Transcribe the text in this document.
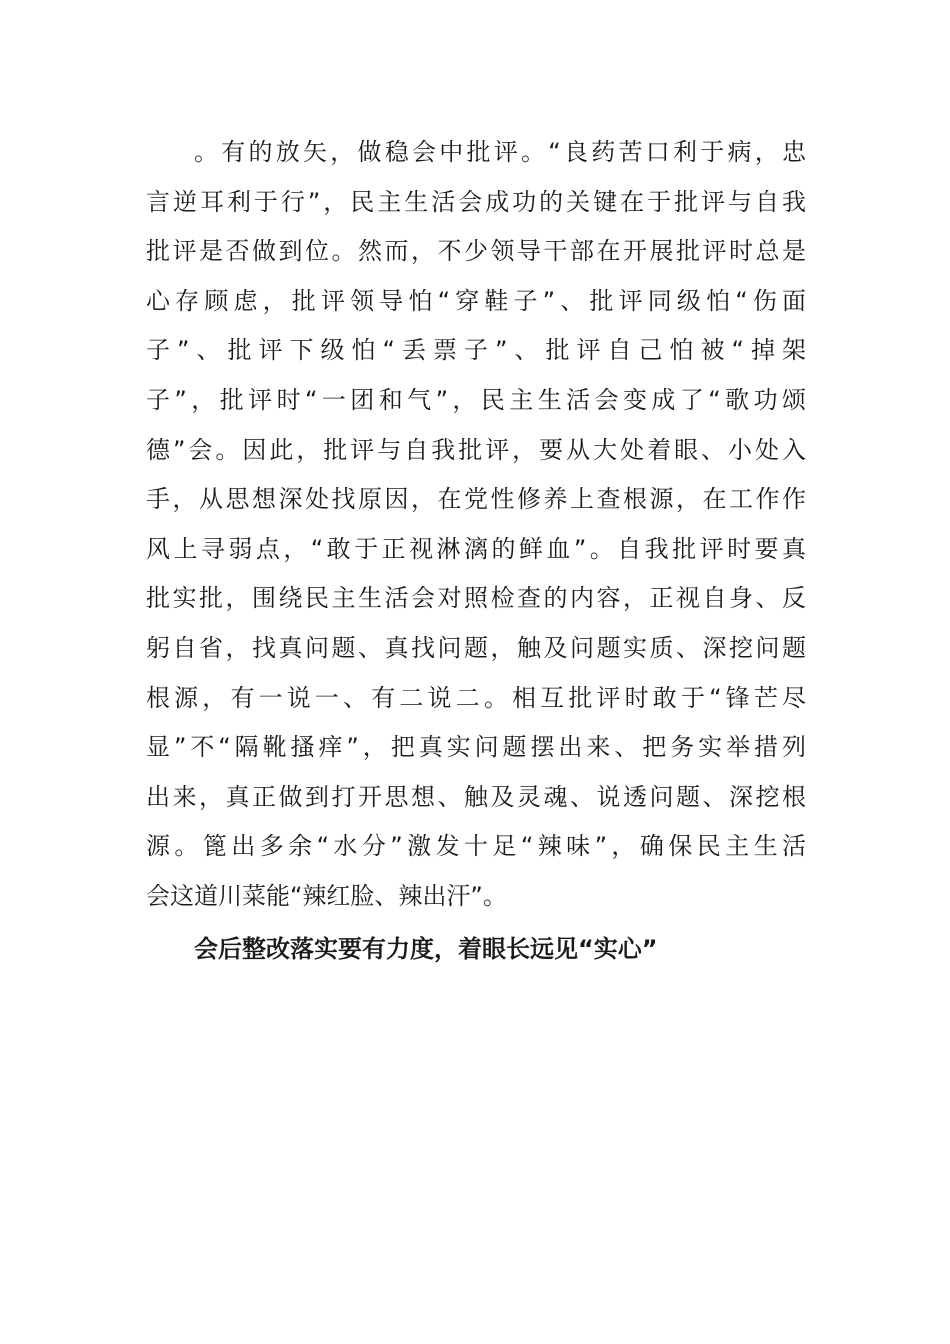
。有的放矢，做稳会中批评。“良药苦口利于病，忠
言逆耳利于行”，民主生活会成功的关键在于批评与自我
批评是否做到位。然而，不少领导干部在开展批评时总是
心存顾虑，批评领导怕“穿鞋子”、批评同级怕“伤面
子”、批评下级怕“丢票子”、批评自己怕被“掉架
子”，批评时“一团和气”，民主生活会变成了“歌功颂
德”会。因此，批评与自我批评，要从大处着眼、小处入
手，从思想深处找原因，在党性修养上查根源，在工作作
风上寻弱点，“敢于正视淋漓的鲜血”。自我批评时要真
批实批，围绕民主生活会对照检查的内容，正视自身、反
躬自省，找真问题、真找问题，触及问题实质、深挖问题
根源，有一说一、有二说二。相互批评时敢于“锋芒尽
显”不“隔靴搔痒”，把真实问题摆出来、把务实举措列
出来，真正做到打开思想、触及灵魂、说透问题、深挖根
源。篦出多余“水分”激发十足“辣味”，确保民主生活
会这道川菜能“辣红脸、辣出汗”。
会后整改落实要有力度，着眼长远见“实心”
